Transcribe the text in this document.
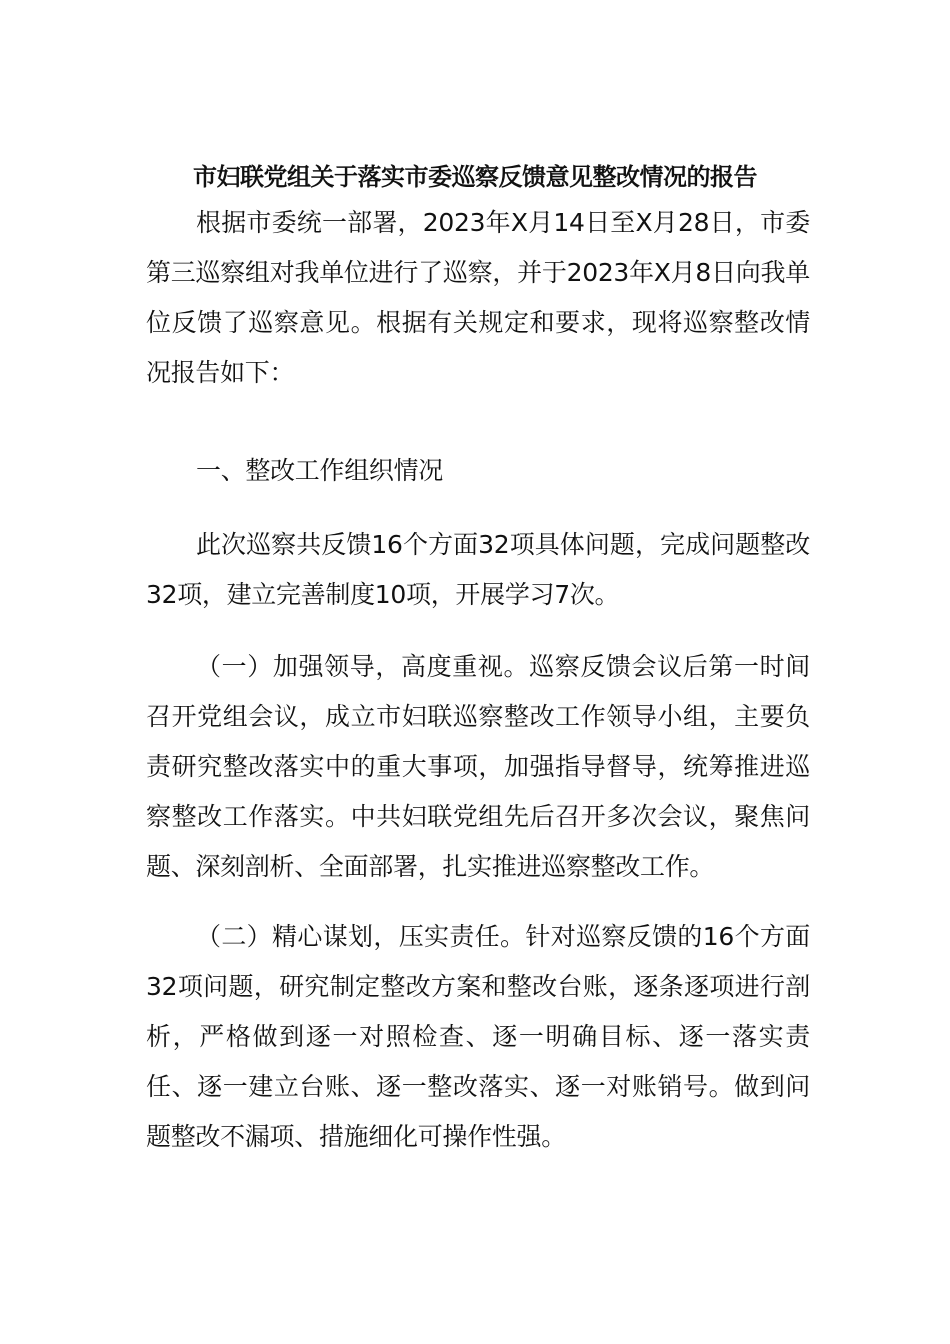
市妇联党组关于落实市委巡察反馈意见整改情况的报告

根据市委统一部署，2023年X月14日至X月28日，市委第三巡察组对我单位进行了巡察，并于2023年X月8日向我单位反馈了巡察意见。根据有关规定和要求，现将巡察整改情况报告如下：

一、整改工作组织情况

此次巡察共反馈16个方面32项具体问题，完成问题整改32项，建立完善制度10项，开展学习7次。

（一）加强领导，高度重视。巡察反馈会议后第一时间召开党组会议，成立市妇联巡察整改工作领导小组，主要负责研究整改落实中的重大事项，加强指导督导，统筹推进巡察整改工作落实。中共妇联党组先后召开多次会议，聚焦问题、深刻剖析、全面部署，扎实推进巡察整改工作。

（二）精心谋划，压实责任。针对巡察反馈的16个方面32项问题，研究制定整改方案和整改台账，逐条逐项进行剖析，严格做到逐一对照检查、逐一明确目标、逐一落实责任、逐一建立台账、逐一整改落实、逐一对账销号。做到问题整改不漏项、措施细化可操作性强。
